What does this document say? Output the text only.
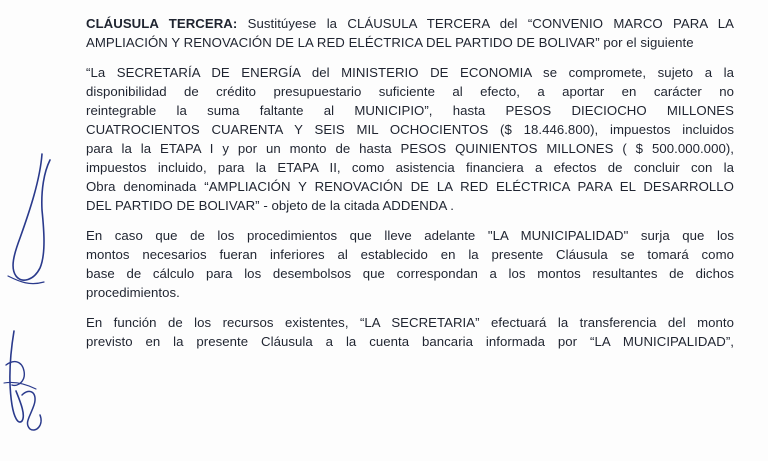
CLÁUSULA TERCERA: Sustitúyese la CLÁUSULA TERCERA del “CONVENIO MARCO PARA LA
AMPLIACIÓN Y RENOVACIÓN DE LA RED ELÉCTRICA DEL PARTIDO DE BOLIVAR” por el siguiente

“La SECRETARÍA DE ENERGÍA del MINISTERIO DE ECONOMIA se compromete, sujeto a la
disponibilidad de crédito presupuestario suficiente al efecto, a aportar en carácter no
reintegrable la suma faltante al MUNICIPIO”, hasta PESOS DIECIOCHO MILLONES
CUATROCIENTOS CUARENTA Y SEIS MIL OCHOCIENTOS ($ 18.446.800), impuestos incluidos
para la la ETAPA I y por un monto de hasta PESOS QUINIENTOS MILLONES ( $ 500.000.000),
impuestos incluido, para la ETAPA II, como asistencia financiera a efectos de concluir con la
Obra denominada “AMPLIACIÓN Y RENOVACIÓN DE LA RED ELÉCTRICA PARA EL DESARROLLO
DEL PARTIDO DE BOLIVAR” - objeto de la citada ADDENDA .

En caso que de los procedimientos que lleve adelante "LA MUNICIPALIDAD" surja que los
montos necesarios fueran inferiores al establecido en la presente Cláusula se tomará como
base de cálculo para los desembolsos que correspondan a los montos resultantes de dichos
procedimientos.

En función de los recursos existentes, “LA SECRETARIA” efectuará la transferencia del monto
previsto en la presente Cláusula a la cuenta bancaria informada por “LA MUNICIPALIDAD”,
